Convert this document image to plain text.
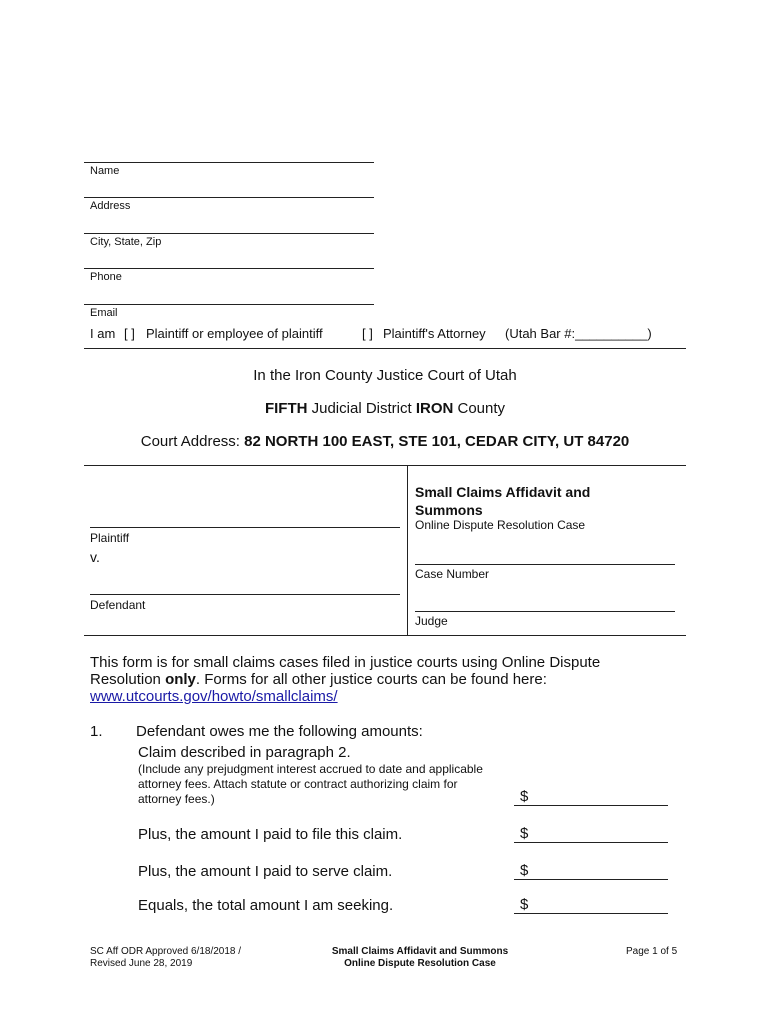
Name
Address
City, State, Zip
Phone
Email
I am [ ] Plaintiff or employee of plaintiff	[ ] Plaintiff's Attorney (Utah Bar #:__________)
In the Iron County Justice Court of Utah
FIFTH Judicial District IRON County
Court Address: 82 NORTH 100 EAST, STE 101, CEDAR CITY, UT 84720
Plaintiff
v.
Defendant
Small Claims Affidavit and Summons
Online Dispute Resolution Case
Case Number
Judge
This form is for small claims cases filed in justice courts using Online Dispute Resolution only. Forms for all other justice courts can be found here:
www.utcourts.gov/howto/smallclaims/
1. Defendant owes me the following amounts:
Claim described in paragraph 2.
(Include any prejudgment interest accrued to date and applicable attorney fees. Attach statute or contract authorizing claim for attorney fees.)
Plus, the amount I paid to file this claim.
Plus, the amount I paid to serve claim.
Equals, the total amount I am seeking.
$
$
$
$
SC Aff ODR Approved 6/18/2018 /
Revised June 28, 2019
Small Claims Affidavit and Summons
Online Dispute Resolution Case
Page 1 of 5
